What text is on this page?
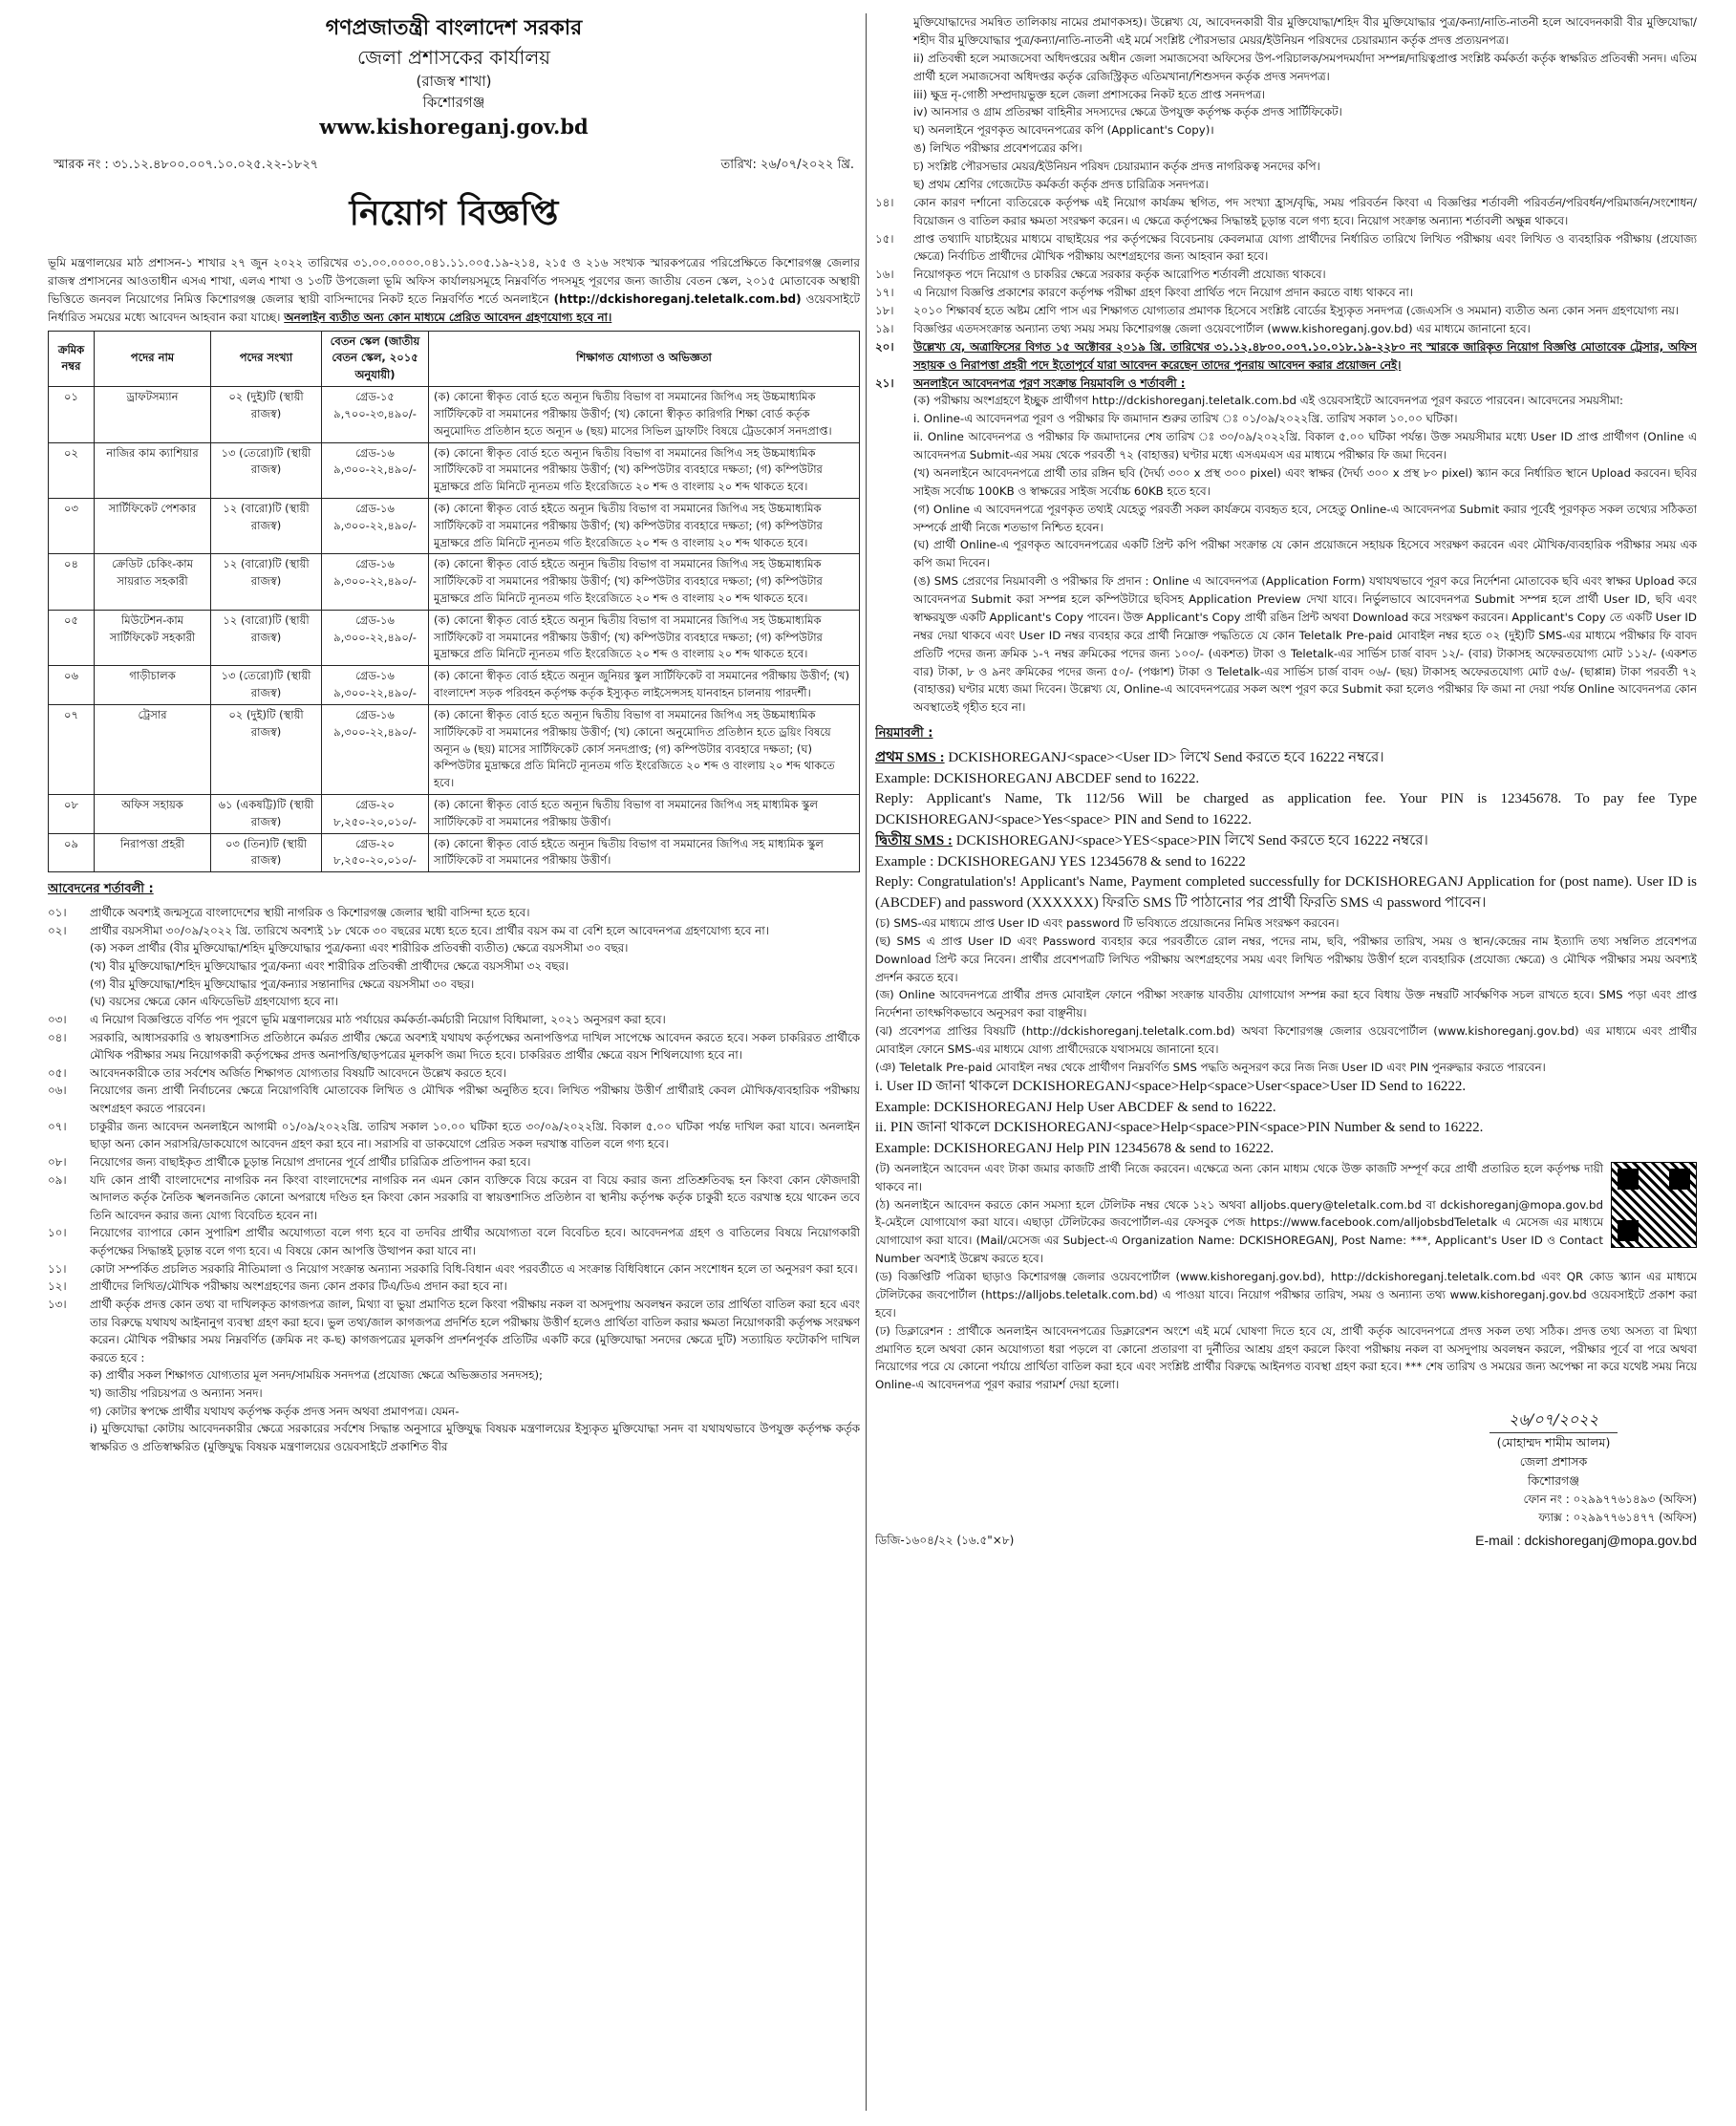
গণপ্রজাতন্ত্রী বাংলাদেশ সরকার
জেলা প্রশাসকের কার্যালয়
(রাজস্ব শাখা)
কিশোরগঞ্জ
www.kishoreganj.gov.bd
স্মারক নং : ৩১.১২.৪৮০০.০০৭.১০.০২৫.২২-১৮২৭	তারিখ: ২৬/০৭/২০২২ খ্রি.
নিয়োগ বিজ্ঞপ্তি
ভূমি মন্ত্রণালয়ের মাঠ প্রশাসন-১ শাখার ২৭ জুন ২০২২ তারিখের ৩১.০০.০০০০.০৪১.১১.০০৫.১৯-২১৪, ২১৫ ও ২১৬ সংখ্যক স্মারকপত্রের পরিপ্রেক্ষিতে কিশোরগঞ্জ জেলার রাজস্ব প্রশাসনের আওতাধীন এসএ শাখা, এলএ শাখা ও ১৩টি উপজেলা ভূমি অফিস কার্যালয়সমূহে নিম্নবর্ণিত পদসমূহ পূরণের জন্য জাতীয় বেতন স্কেল, ২০১৫ মোতাবেক অস্থায়ী ভিত্তিতে জনবল নিয়োগের নিমিত্ত কিশোরগঞ্জ জেলার স্থায়ী বাসিন্দাদের নিকট হতে নিম্নবর্ণিত শর্তে অনলাইনে (http://dckishoreganj.teletalk.com.bd) ওয়েবসাইটে নির্ধারিত সময়ের মধ্যে আবেদন আহবান করা যাচ্ছে। অনলাইন ব্যতীত অন্য কোন মাধ্যমে প্রেরিত আবেদন গ্রহণযোগ্য হবে না।
ক্রমিক নম্বর	পদের নাম	পদের সংখ্যা	বেতন স্কেল (জাতীয় বেতন স্কেল, ২০১৫ অনুযায়ী)	শিক্ষাগত যোগ্যতা ও অভিজ্ঞতা
০১	ড্রাফটসম্যান	০২ (দুই)টি (স্থায়ী রাজস্ব)	গ্রেড-১৫ ৯,৭০০-২৩,৪৯০/-	(ক) কোনো স্বীকৃত বোর্ড হতে অন্যূন দ্বিতীয় বিভাগ বা সমমানের জিপিএ সহ উচ্চমাধ্যমিক সার্টিফিকেট বা সমমানের পরীক্ষায় উত্তীর্ণ; (খ) কোনো স্বীকৃত কারিগরি শিক্ষা বোর্ড কর্তৃক অনুমোদিত প্রতিষ্ঠান হতে অন্যূন ৬ (ছয়) মাসের সিভিল ড্রাফটিং বিষয়ে ট্রেডকোর্স সনদপ্রাপ্ত।
০২	নাজির কাম ক্যাশিয়ার	১৩ (তেরো)টি (স্থায়ী রাজস্ব)	গ্রেড-১৬ ৯,৩০০-২২,৪৯০/-	(ক) কোনো স্বীকৃত বোর্ড হতে অন্যূন দ্বিতীয় বিভাগ বা সমমানের জিপিএ সহ উচ্চমাধ্যমিক সার্টিফিকেট বা সমমানের পরীক্ষায় উত্তীর্ণ; (খ) কম্পিউটার ব্যবহারে দক্ষতা; (গ) কম্পিউটার মুদ্রাক্ষরে প্রতি মিনিটে ন্যূনতম গতি ইংরেজিতে ২০ শব্দ ও বাংলায় ২০ শব্দ থাকতে হবে।
০৩	সার্টিফিকেট পেশকার	১২ (বারো)টি (স্থায়ী রাজস্ব)	গ্রেড-১৬ ৯,৩০০-২২,৪৯০/-	(ক) কোনো স্বীকৃত বোর্ড হইতে অন্যূন দ্বিতীয় বিভাগ বা সমমানের জিপিএ সহ উচ্চমাধ্যমিক সার্টিফিকেট বা সমমানের পরীক্ষায় উত্তীর্ণ; (খ) কম্পিউটার ব্যবহারে দক্ষতা; (গ) কম্পিউটার মুদ্রাক্ষরে প্রতি মিনিটে ন্যূনতম গতি ইংরেজিতে ২০ শব্দ ও বাংলায় ২০ শব্দ থাকতে হবে।
০৪	ক্রেডিট চেকিং-কাম সায়রাত সহকারী	১২ (বারো)টি (স্থায়ী রাজস্ব)	গ্রেড-১৬ ৯,৩০০-২২,৪৯০/-	(ক) কোনো স্বীকৃত বোর্ড হইতে অন্যূন দ্বিতীয় বিভাগ বা সমমানের জিপিএ সহ উচ্চমাধ্যমিক সার্টিফিকেট বা সমমানের পরীক্ষায় উত্তীর্ণ; (খ) কম্পিউটার ব্যবহারে দক্ষতা; (গ) কম্পিউটার মুদ্রাক্ষরে প্রতি মিনিটে ন্যূনতম গতি ইংরেজিতে ২০ শব্দ ও বাংলায় ২০ শব্দ থাকতে হবে।
০৫	মিউটেশন-কাম সার্টিফিকেট সহকারী	১২ (বারো)টি (স্থায়ী রাজস্ব)	গ্রেড-১৬ ৯,৩০০-২২,৪৯০/-	(ক) কোনো স্বীকৃত বোর্ড হইতে অন্যূন দ্বিতীয় বিভাগ বা সমমানের জিপিএ সহ উচ্চমাধ্যমিক সার্টিফিকেট বা সমমানের পরীক্ষায় উত্তীর্ণ; (খ) কম্পিউটার ব্যবহারে দক্ষতা; (গ) কম্পিউটার মুদ্রাক্ষরে প্রতি মিনিটে ন্যূনতম গতি ইংরেজিতে ২০ শব্দ ও বাংলায় ২০ শব্দ থাকতে হবে।
০৬	গাড়ীচালক	১৩ (তেরো)টি (স্থায়ী রাজস্ব)	গ্রেড-১৬ ৯,৩০০-২২,৪৯০/-	(ক) কোনো স্বীকৃত বোর্ড হইতে অন্যূন জুনিয়র স্কুল সার্টিফিকেট বা সমমানের পরীক্ষায় উত্তীর্ণ; (খ) বাংলাদেশ সড়ক পরিবহন কর্তৃপক্ষ কর্তৃক ইস্যুকৃত লাইসেন্সসহ যানবাহন চালনায় পারদর্শী।
০৭	ট্রেসার	০২ (দুই)টি (স্থায়ী রাজস্ব)	গ্রেড-১৬ ৯,৩০০-২২,৪৯০/-	(ক) কোনো স্বীকৃত বোর্ড হতে অন্যূন দ্বিতীয় বিভাগ বা সমমানের জিপিএ সহ উচ্চমাধ্যমিক সার্টিফিকেট বা সমমানের পরীক্ষায় উত্তীর্ণ; (খ) কোনো অনুমোদিত প্রতিষ্ঠান হতে ড্রয়িং বিষয়ে অন্যূন ৬ (ছয়) মাসের সার্টিফিকেট কোর্স সনদপ্রাপ্ত; (গ) কম্পিউটার ব্যবহারে দক্ষতা; (ঘ) কম্পিউটার মুদ্রাক্ষরে প্রতি মিনিটে ন্যূনতম গতি ইংরেজিতে ২০ শব্দ ও বাংলায় ২০ শব্দ থাকতে হবে।
০৮	অফিস সহায়ক	৬১ (একষট্টি)টি (স্থায়ী রাজস্ব)	গ্রেড-২০ ৮,২৫০-২০,০১০/-	(ক) কোনো স্বীকৃত বোর্ড হতে অন্যূন দ্বিতীয় বিভাগ বা সমমানের জিপিএ সহ মাধ্যমিক স্কুল সার্টিফিকেট বা সমমানের পরীক্ষায় উত্তীর্ণ।
০৯	নিরাপত্তা প্রহরী	০৩ (তিন)টি (স্থায়ী রাজস্ব)	গ্রেড-২০ ৮,২৫০-২০,০১০/-	(ক) কোনো স্বীকৃত বোর্ড হইতে অন্যূন দ্বিতীয় বিভাগ বা সমমানের জিপিএ সহ মাধ্যমিক স্কুল সার্টিফিকেট বা সমমানের পরীক্ষায় উত্তীর্ণ।
আবেদনের শর্তাবলী :
০১।	প্রার্থীকে অবশ্যই জন্মসূত্রে বাংলাদেশের স্থায়ী নাগরিক ও কিশোরগঞ্জ জেলার স্থায়ী বাসিন্দা হতে হবে।
০২।	প্রার্থীর বয়সসীমা ৩০/০৯/২০২২ খ্রি. তারিখে অবশ্যই ১৮ থেকে ৩০ বছরের মধ্যে হতে হবে। প্রার্থীর বয়স কম বা বেশি হলে আবেদনপত্র গ্রহণযোগ্য হবে না।
(ক) সকল প্রার্থীর (বীর মুক্তিযোদ্ধা/শহিদ মুক্তিযোদ্ধার পুত্র/কন্যা এবং শারীরিক প্রতিবন্ধী ব্যতীত) ক্ষেত্রে বয়সসীমা ৩০ বছর।
(খ) বীর মুক্তিযোদ্ধা/শহিদ মুক্তিযোদ্ধার পুত্র/কন্যা এবং শারীরিক প্রতিবন্ধী প্রার্থীদের ক্ষেত্রে বয়সসীমা ৩২ বছর।
(গ) বীর মুক্তিযোদ্ধা/শহিদ মুক্তিযোদ্ধার পুত্র/কন্যার সন্তানাদির ক্ষেত্রে বয়সসীমা ৩০ বছর।
(ঘ) বয়সের ক্ষেত্রে কোন এফিডেভিট গ্রহণযোগ্য হবে না।
০৩।	এ নিয়োগ বিজ্ঞপ্তিতে বর্ণিত পদ পূরণে ভূমি মন্ত্রণালয়ের মাঠ পর্যায়ের কর্মকর্তা-কর্মচারী নিয়োগ বিধিমালা, ২০২১ অনুসরণ করা হবে।
০৪।	সরকারি, আধাসরকারি ও স্বায়ত্তশাসিত প্রতিষ্ঠানে কর্মরত প্রার্থীর ক্ষেত্রে অবশ্যই যথাযথ কর্তৃপক্ষের অনাপত্তিপত্র দাখিল সাপেক্ষে আবেদন করতে হবে। সকল চাকরিরত প্রার্থীকে মৌখিক পরীক্ষার সময় নিয়োগকারী কর্তৃপক্ষের প্রদত্ত অনাপত্তি/ছাড়পত্রের মূলকপি জমা দিতে হবে। চাকরিরত প্রার্থীর ক্ষেত্রে বয়স শিথিলযোগ্য হবে না।
০৫।	আবেদনকারীকে তার সর্বশেষ অর্জিত শিক্ষাগত যোগ্যতার বিষয়টি আবেদনে উল্লেখ করতে হবে।
০৬।	নিয়োগের জন্য প্রার্থী নির্বাচনের ক্ষেত্রে নিয়োগবিধি মোতাবেক লিখিত ও মৌখিক পরীক্ষা অনুষ্ঠিত হবে। লিখিত পরীক্ষায় উত্তীর্ণ প্রার্থীরাই কেবল মৌখিক/ব্যবহারিক পরীক্ষায় অংশগ্রহণ করতে পারবেন।
০৭।	চাকুরীর জন্য আবেদন অনলাইনে আগামী ০১/০৯/২০২২খ্রি. তারিখ সকাল ১০.০০ ঘটিকা হতে ৩০/০৯/২০২২খ্রি. বিকাল ৫.০০ ঘটিকা পর্যন্ত দাখিল করা যাবে। অনলাইন ছাড়া অন্য কোন সরাসরি/ডাকযোগে আবেদন গ্রহণ করা হবে না। সরাসরি বা ডাকযোগে প্রেরিত সকল দরখাস্ত বাতিল বলে গণ্য হবে।
০৮।	নিয়োগের জন্য বাছাইকৃত প্রার্থীকে চূড়ান্ত নিয়োগ প্রদানের পূর্বে প্রার্থীর চারিত্রিক প্রতিপাদন করা হবে।
০৯।	যদি কোন প্রার্থী বাংলাদেশের নাগরিক নন কিংবা বাংলাদেশের নাগরিক নন এমন কোন ব্যক্তিকে বিয়ে করেন বা বিয়ে করার জন্য প্রতিশ্রুতিবদ্ধ হন কিংবা কোন ফৌজদারী আদালত কর্তৃক নৈতিক স্খলনজনিত কোনো অপরাধে দণ্ডিত হন কিংবা কোন সরকারি বা স্বায়ত্তশাসিত প্রতিষ্ঠান বা স্থানীয় কর্তৃপক্ষ কর্তৃক চাকুরী হতে বরখাস্ত হয়ে থাকেন তবে তিনি আবেদন করার জন্য যোগ্য বিবেচিত হবেন না।
১০।	নিয়োগের ব্যাপারে কোন সুপারিশ প্রার্থীর অযোগ্যতা বলে গণ্য হবে বা তদবির প্রার্থীর অযোগ্যতা বলে বিবেচিত হবে। আবেদনপত্র গ্রহণ ও বাতিলের বিষয়ে নিয়োগকারী কর্তৃপক্ষের সিদ্ধান্তই চূড়ান্ত বলে গণ্য হবে। এ বিষয়ে কোন আপত্তি উত্থাপন করা যাবে না।
১১।	কোটা সম্পর্কিত প্রচলিত সরকারি নীতিমালা ও নিয়োগ সংক্রান্ত অন্যান্য সরকারি বিধি-বিধান এবং পরবর্তীতে এ সংক্রান্ত বিধিবিধানে কোন সংশোধন হলে তা অনুসরণ করা হবে।
১২।	প্রার্থীদের লিখিত/মৌখিক পরীক্ষায় অংশগ্রহণের জন্য কোন প্রকার টিএ/ডিএ প্রদান করা হবে না।
১৩।	প্রার্থী কর্তৃক প্রদত্ত কোন তথ্য বা দাখিলকৃত কাগজপত্র জাল, মিথ্যা বা ভুয়া প্রমাণিত হলে কিংবা পরীক্ষায় নকল বা অসদুপায় অবলম্বন করলে তার প্রার্থিতা বাতিল করা হবে এবং তার বিরুদ্ধে যথাযথ আইনানুগ ব্যবস্থা গ্রহণ করা হবে। ভুল তথ্য/জাল কাগজপত্র প্রদর্শিত হলে পরীক্ষায় উত্তীর্ণ হলেও প্রার্থিতা বাতিল করার ক্ষমতা নিয়োগকারী কর্তৃপক্ষ সংরক্ষণ করেন। মৌখিক পরীক্ষার সময় নিম্নবর্ণিত (ক্রমিক নং ক-ছ) কাগজপত্রের মূলকপি প্রদর্শনপূর্বক প্রতিটির একটি করে (মুক্তিযোদ্ধা সনদের ক্ষেত্রে দুটি) সত্যায়িত ফটোকপি দাখিল করতে হবে :
ক) প্রার্থীর সকল শিক্ষাগত যোগ্যতার মূল সনদ/সাময়িক সনদপত্র (প্রযোজ্য ক্ষেত্রে অভিজ্ঞতার সনদসহ);
খ) জাতীয় পরিচয়পত্র ও অন্যান্য সনদ।
গ) কোটার স্বপক্ষে প্রার্থীর যথাযথ কর্তৃপক্ষ কর্তৃক প্রদত্ত সনদ অথবা প্রমাণপত্র। যেমন-
i) মুক্তিযোদ্ধা কোটায় আবেদনকারীর ক্ষেত্রে সরকারের সর্বশেষ সিদ্ধান্ত অনুসারে মুক্তিযুদ্ধ বিষয়ক মন্ত্রণালয়ের ইস্যুকৃত মুক্তিযোদ্ধা সনদ বা যথাযথভাবে উপযুক্ত কর্তৃপক্ষ কর্তৃক স্বাক্ষরিত ও প্রতিস্বাক্ষরিত (মুক্তিযুদ্ধ বিষয়ক মন্ত্রণালয়ের ওয়েবসাইটে প্রকাশিত বীর
মুক্তিযোদ্ধাদের সমন্বিত তালিকায় নামের প্রমাণকসহ)। উল্লেখ্য যে, আবেদনকারী বীর মুক্তিযোদ্ধা/শহিদ বীর মুক্তিযোদ্ধার পুত্র/কন্যা/নাতি-নাতনী হলে আবেদনকারী বীর মুক্তিযোদ্ধা/শহীদ বীর মুক্তিযোদ্ধার পুত্র/কন্যা/নাতি-নাতনী এই মর্মে সংশ্লিষ্ট পৌরসভার মেয়র/ইউনিয়ন পরিষদের চেয়ারম্যান কর্তৃক প্রদত্ত প্রত্যয়নপত্র।
ii) প্রতিবন্ধী হলে সমাজসেবা অধিদপ্তরের অধীন জেলা সমাজসেবা অফিসের উপ-পরিচালক/সমপদমর্যাদা সম্পন্ন/দায়িত্বপ্রাপ্ত সংশ্লিষ্ট কর্মকর্তা কর্তৃক স্বাক্ষরিত প্রতিবন্ধী সনদ। এতিম প্রার্থী হলে সমাজসেবা অধিদপ্তর কর্তৃক রেজিস্ট্রিকৃত এতিমখানা/শিশুসদন কর্তৃক প্রদত্ত সনদপত্র।
iii) ক্ষুদ্র নৃ-গোষ্ঠী সম্প্রদায়ভুক্ত হলে জেলা প্রশাসকের নিকট হতে প্রাপ্ত সনদপত্র।
iv) আনসার ও গ্রাম প্রতিরক্ষা বাহিনীর সদস্যদের ক্ষেত্রে উপযুক্ত কর্তৃপক্ষ কর্তৃক প্রদত্ত সার্টিফিকেট।
ঘ) অনলাইনে পূরণকৃত আবেদনপত্রের কপি (Applicant's Copy)।
ঙ) লিখিত পরীক্ষার প্রবেশপত্রের কপি।
চ) সংশ্লিষ্ট পৌরসভার মেয়র/ইউনিয়ন পরিষদ চেয়ারম্যান কর্তৃক প্রদত্ত নাগরিকত্ব সনদের কপি।
ছ) প্রথম শ্রেণির গেজেটেড কর্মকর্তা কর্তৃক প্রদত্ত চারিত্রিক সনদপত্র।
১৪।	কোন কারণ দর্শানো ব্যতিরেকে কর্তৃপক্ষ এই নিয়োগ কার্যক্রম স্থগিত, পদ সংখ্যা হ্রাস/বৃদ্ধি, সময় পরিবর্তন কিংবা এ বিজ্ঞপ্তির শর্তাবলী পরিবর্তন/পরিবর্ধন/পরিমার্জন/সংশোধন/বিয়োজন ও বাতিল করার ক্ষমতা সংরক্ষণ করেন। এ ক্ষেত্রে কর্তৃপক্ষের সিদ্ধান্তই চূড়ান্ত বলে গণ্য হবে। নিয়োগ সংক্রান্ত অন্যান্য শর্তাবলী অক্ষুন্ন থাকবে।
১৫।	প্রাপ্ত তথ্যাদি যাচাইয়ের মাধ্যমে বাছাইয়ের পর কর্তৃপক্ষের বিবেচনায় কেবলমাত্র যোগ্য প্রার্থীদের নির্ধারিত তারিখে লিখিত পরীক্ষায় এবং লিখিত ও ব্যবহারিক পরীক্ষায় (প্রযোজ্য ক্ষেত্রে) নির্বাচিত প্রার্থীদের মৌখিক পরীক্ষায় অংশগ্রহণের জন্য আহবান করা হবে।
১৬।	নিয়োগকৃত পদে নিয়োগ ও চাকরির ক্ষেত্রে সরকার কর্তৃক আরোপিত শর্তাবলী প্রযোজ্য থাকবে।
১৭।	এ নিয়োগ বিজ্ঞপ্তি প্রকাশের কারণে কর্তৃপক্ষ পরীক্ষা গ্রহণ কিংবা প্রার্থিত পদে নিয়োগ প্রদান করতে বাধ্য থাকবে না।
১৮।	২০১০ শিক্ষাবর্ষ হতে অষ্টম শ্রেণি পাস এর শিক্ষাগত যোগ্যতার প্রমাণক হিসেবে সংশ্লিষ্ট বোর্ডের ইস্যুকৃত সনদপত্র (জেএসসি ও সমমান) ব্যতীত অন্য কোন সনদ গ্রহণযোগ্য নয়।
১৯।	বিজ্ঞপ্তির এতদসংক্রান্ত অন্যান্য তথ্য সময় সময় কিশোরগঞ্জ জেলা ওয়েবপোর্টাল (www.kishoreganj.gov.bd) এর মাধ্যমে জানানো হবে।
২০।	উল্লেখ্য যে, অত্রাফিসের বিগত ১৫ অক্টোবর ২০১৯ খ্রি. তারিখের ৩১.১২.৪৮০০.০০৭.১০.০১৮.১৯-২২৮০ নং স্মারকে জারিকৃত নিয়োগ বিজ্ঞপ্তি মোতাবেক ট্রেসার, অফিস সহায়ক ও নিরাপত্তা প্রহরী পদে ইতোপূর্বে যারা আবেদন করেছেন তাদের পুনরায় আবেদন করার প্রয়োজন নেই।
২১।	অনলাইনে আবেদনপত্র পূরণ সংক্রান্ত নিয়মাবলি ও শর্তাবলী :
(ক) পরীক্ষায় অংশগ্রহণে ইচ্ছুক প্রার্থীগণ http://dckishoreganj.teletalk.com.bd এই ওয়েবসাইটে আবেদনপত্র পূরণ করতে পারবেন। আবেদনের সময়সীমা:
i. Online-এ আবেদনপত্র পূরণ ও পরীক্ষার ফি জমাদান শুরুর তারিখ ঃ ০১/০৯/২০২২খ্রি. তারিখ সকাল ১০.০০ ঘটিকা।
ii. Online আবেদনপত্র ও পরীক্ষার ফি জমাদানের শেষ তারিখ ঃ ৩০/০৯/২০২২খ্রি. বিকাল ৫.০০ ঘটিকা পর্যন্ত। উক্ত সময়সীমার মধ্যে User ID প্রাপ্ত প্রার্থীগণ (Online এ আবেদনপত্র Submit-এর সময় থেকে পরবর্তী ৭২ (বাহাত্তর) ঘণ্টার মধ্যে এসএমএস এর মাধ্যমে পরীক্ষার ফি জমা দিবেন।
(খ) অনলাইনে আবেদনপত্রে প্রার্থী তার রঙ্গিন ছবি (দৈর্ঘ্য ৩০০ x প্রস্থ ৩০০ pixel) এবং স্বাক্ষর (দৈর্ঘ্য ৩০০ x প্রস্থ ৮০ pixel) স্ক্যান করে নির্ধারিত স্থানে Upload করবেন। ছবির সাইজ সর্বোচ্চ 100KB ও স্বাক্ষরের সাইজ সর্বোচ্চ 60KB হতে হবে।
(গ) Online এ আবেদনপত্রে পূরণকৃত তথ্যই যেহেতু পরবর্তী সকল কার্যক্রমে ব্যবহৃত হবে, সেহেতু Online-এ আবেদনপত্র Submit করার পূর্বেই পূরণকৃত সকল তথ্যের সঠিকতা সম্পর্কে প্রার্থী নিজে শতভাগ নিশ্চিত হবেন।
(ঘ) প্রার্থী Online-এ পূরণকৃত আবেদনপত্রের একটি প্রিন্ট কপি পরীক্ষা সংক্রান্ত যে কোন প্রয়োজনে সহায়ক হিসেবে সংরক্ষণ করবেন এবং মৌখিক/ব্যবহারিক পরীক্ষার সময় এক কপি জমা দিবেন।
(ঙ) SMS প্রেরণের নিয়মাবলী ও পরীক্ষার ফি প্রদান : Online এ আবেদনপত্র (Application Form) যথাযথভাবে পূরণ করে নির্দেশনা মোতাবেক ছবি এবং স্বাক্ষর Upload করে আবেদনপত্র Submit করা সম্পন্ন হলে কম্পিউটারে ছবিসহ Application Preview দেখা যাবে। নির্ভুলভাবে আবেদনপত্র Submit সম্পন্ন হলে প্রার্থী User ID, ছবি এবং স্বাক্ষরযুক্ত একটি Applicant's Copy পাবেন। উক্ত Applicant's Copy প্রার্থী রঙিন প্রিন্ট অথবা Download করে সংরক্ষণ করবেন। Applicant's Copy তে একটি User ID নম্বর দেয়া থাকবে এবং User ID নম্বর ব্যবহার করে প্রার্থী নিম্নোক্ত পদ্ধতিতে যে কোন Teletalk Pre-paid মোবাইল নম্বর হতে ০২ (দুই)টি SMS-এর মাধ্যমে পরীক্ষার ফি বাবদ প্রতিটি পদের জন্য ক্রমিক ১-৭ নম্বর ক্রমিকের পদের জন্য ১০০/- (একশত) টাকা ও Teletalk-এর সার্ভিস চার্জ বাবদ ১২/- (বার) টাকাসহ অফেরতযোগ্য মোট ১১২/- (একশত বার) টাকা, ৮ ও ৯নং ক্রমিকের পদের জন্য ৫০/- (পঞ্চাশ) টাকা ও Teletalk-এর সার্ভিস চার্জ বাবদ ০৬/- (ছয়) টাকাসহ অফেরতযোগ্য মোট ৫৬/- (ছাপ্পান্ন) টাকা পরবর্তী ৭২ (বাহাত্তর) ঘণ্টার মধ্যে জমা দিবেন। উল্লেখ্য যে, Online-এ আবেদনপত্রের সকল অংশ পূরণ করে Submit করা হলেও পরীক্ষার ফি জমা না দেয়া পর্যন্ত Online আবেদনপত্র কোন অবস্থাতেই গৃহীত হবে না।
নিয়মাবলী :
প্রথম SMS : DCKISHOREGANJ<space><User ID> লিখে Send করতে হবে 16222 নম্বরে।
Example: DCKISHOREGANJ ABCDEF send to 16222.
Reply: Applicant's Name, Tk 112/56 Will be charged as application fee. Your PIN is 12345678. To pay fee Type DCKISHOREGANJ<space>Yes<space> PIN and Send to 16222.
দ্বিতীয় SMS : DCKISHOREGANJ<space>YES<space>PIN লিখে Send করতে হবে 16222 নম্বরে।
Example : DCKISHOREGANJ YES 12345678 & send to 16222
Reply: Congratulation's! Applicant's Name, Payment completed successfully for DCKISHOREGANJ Application for (post name). User ID is (ABCDEF) and password (XXXXXX) ফিরতি SMS টি পাঠানোর পর প্রার্থী ফিরতি SMS এ password পাবেন।
(চ) SMS-এর মাধ্যমে প্রাপ্ত User ID এবং password টি ভবিষ্যতে প্রয়োজনের নিমিত্ত সংরক্ষণ করবেন।
(ছ) SMS এ প্রাপ্ত User ID এবং Password ব্যবহার করে পরবর্তীতে রোল নম্বর, পদের নাম, ছবি, পরীক্ষার তারিখ, সময় ও স্থান/কেন্দ্রের নাম ইত্যাদি তথ্য সম্বলিত প্রবেশপত্র Download প্রিন্ট করে নিবেন। প্রার্থীর প্রবেশপত্রটি লিখিত পরীক্ষায় অংশগ্রহণের সময় এবং লিখিত পরীক্ষায় উত্তীর্ণ হলে ব্যবহারিক (প্রযোজ্য ক্ষেত্রে) ও মৌখিক পরীক্ষার সময় অবশ্যই প্রদর্শন করতে হবে।
(জ) Online আবেদনপত্রে প্রার্থীর প্রদত্ত মোবাইল ফোনে পরীক্ষা সংক্রান্ত যাবতীয় যোগাযোগ সম্পন্ন করা হবে বিধায় উক্ত নম্বরটি সার্বক্ষণিক সচল রাখতে হবে। SMS পড়া এবং প্রাপ্ত নির্দেশনা তাৎক্ষণিকভাবে অনুসরণ করা বাঞ্ছনীয়।
(ঝ) প্রবেশপত্র প্রাপ্তির বিষয়টি (http://dckishoreganj.teletalk.com.bd) অথবা কিশোরগঞ্জ জেলার ওয়েবপোর্টাল (www.kishoreganj.gov.bd) এর মাধ্যমে এবং প্রার্থীর মোবাইল ফোনে SMS-এর মাধ্যমে যোগ্য প্রার্থীদেরকে যথাসময়ে জানানো হবে।
(ঞ) Teletalk Pre-paid মোবাইল নম্বর থেকে প্রার্থীগণ নিম্নবর্ণিত SMS পদ্ধতি অনুসরণ করে নিজ নিজ User ID এবং PIN পুনরুদ্ধার করতে পারবেন।
i. User ID জানা থাকলে DCKISHOREGANJ<space>Help<space>User<space>User ID Send to 16222.
Example: DCKISHOREGANJ Help User ABCDEF & send to 16222.
ii. PIN জানা থাকলে DCKISHOREGANJ<space>Help<space>PIN<space>PIN Number & send to 16222.
Example: DCKISHOREGANJ Help PIN 12345678 & send to 16222.
(ট) অনলাইনে আবেদন এবং টাকা জমার কাজটি প্রার্থী নিজে করবেন। এক্ষেত্রে অন্য কোন মাধ্যম থেকে উক্ত কাজটি সম্পূর্ণ করে প্রার্থী প্রতারিত হলে কর্তৃপক্ষ দায়ী থাকবে না।
(ঠ) অনলাইনে আবেদন করতে কোন সমস্যা হলে টেলিটক নম্বর থেকে ১২১ অথবা alljobs.query@teletalk.com.bd বা dckishoreganj@mopa.gov.bd ই-মেইলে যোগাযোগ করা যাবে। এছাড়া টেলিটকের জবপোর্টাল-এর ফেসবুক পেজ https://www.facebook.com/alljobsbdTeletalk এ মেসেজ এর মাধ্যমে যোগাযোগ করা যাবে। (Mail/মেসেজ এর Subject-এ Organization Name: DCKISHOREGANJ, Post Name: ***, Applicant's User ID ও Contact Number অবশ্যই উল্লেখ করতে হবে।
(ড) বিজ্ঞপ্তিটি পত্রিকা ছাড়াও কিশোরগঞ্জ জেলার ওয়েবপোর্টাল (www.kishoreganj.gov.bd), http://dckishoreganj.teletalk.com.bd এবং QR কোড স্ক্যান এর মাধ্যমে টেলিটকের জবপোর্টাল (https://alljobs.teletalk.com.bd) এ পাওয়া যাবে। নিয়োগ পরীক্ষার তারিখ, সময় ও অন্যান্য তথ্য www.kishoreganj.gov.bd ওয়েবসাইটে প্রকাশ করা হবে।
(ঢ) ডিক্লারেশন : প্রার্থীকে অনলাইন আবেদনপত্রের ডিক্লারেশন অংশে এই মর্মে ঘোষণা দিতে হবে যে, প্রার্থী কর্তৃক আবেদনপত্রে প্রদত্ত সকল তথ্য সঠিক। প্রদত্ত তথ্য অসত্য বা মিথ্যা প্রমাণিত হলে অথবা কোন অযোগ্যতা ধরা পড়লে বা কোনো প্রতারণা বা দুর্নীতির আশ্রয় গ্রহণ করলে কিংবা পরীক্ষায় নকল বা অসদুপায় অবলম্বন করলে, পরীক্ষার পূর্বে বা পরে অথবা নিয়োগের পরে যে কোনো পর্যায়ে প্রার্থিতা বাতিল করা হবে এবং সংশ্লিষ্ট প্রার্থীর বিরুদ্ধে আইনগত ব্যবস্থা গ্রহণ করা হবে। *** শেষ তারিখ ও সময়ের জন্য অপেক্ষা না করে যথেষ্ট সময় নিয়ে Online-এ আবেদনপত্র পূরণ করার পরামর্শ দেয়া হলো।
২৬/০৭/২০২২
(মোহাম্মদ শামীম আলম)
জেলা প্রশাসক
কিশোরগঞ্জ
ফোন নং : ০২৯৯৭৭৬১৪৯৩ (অফিস)
ফ্যাক্স : ০২৯৯৭৭৬১৪৭৭ (অফিস)
ডিজি-১৬০৪/২২ (১৬.৫"×৮)	E-mail : dckishoreganj@mopa.gov.bd
